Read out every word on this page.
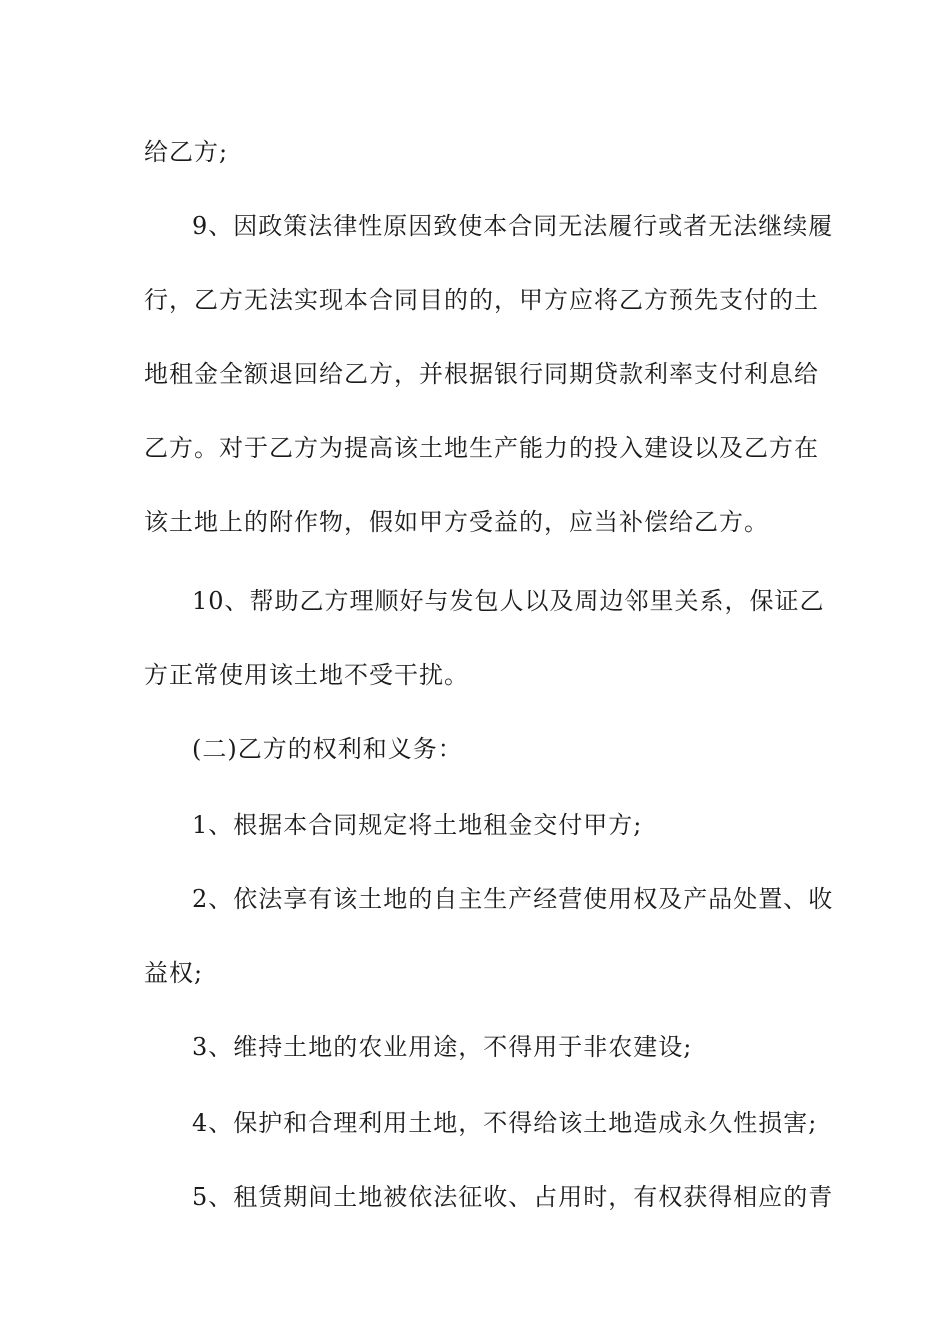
给乙方;
9、因政策法律性原因致使本合同无法履行或者无法继续履
行，乙方无法实现本合同目的的，甲方应将乙方预先支付的土
地租金全额退回给乙方，并根据银行同期贷款利率支付利息给
乙方。对于乙方为提高该土地生产能力的投入建设以及乙方在
该土地上的附作物，假如甲方受益的，应当补偿给乙方。
10、帮助乙方理顺好与发包人以及周边邻里关系，保证乙
方正常使用该土地不受干扰。
(二)乙方的权利和义务：
1、根据本合同规定将土地租金交付甲方;
2、依法享有该土地的自主生产经营使用权及产品处置、收
益权;
3、维持土地的农业用途，不得用于非农建设;
4、保护和合理利用土地，不得给该土地造成永久性损害;
5、租赁期间土地被依法征收、占用时，有权获得相应的青
